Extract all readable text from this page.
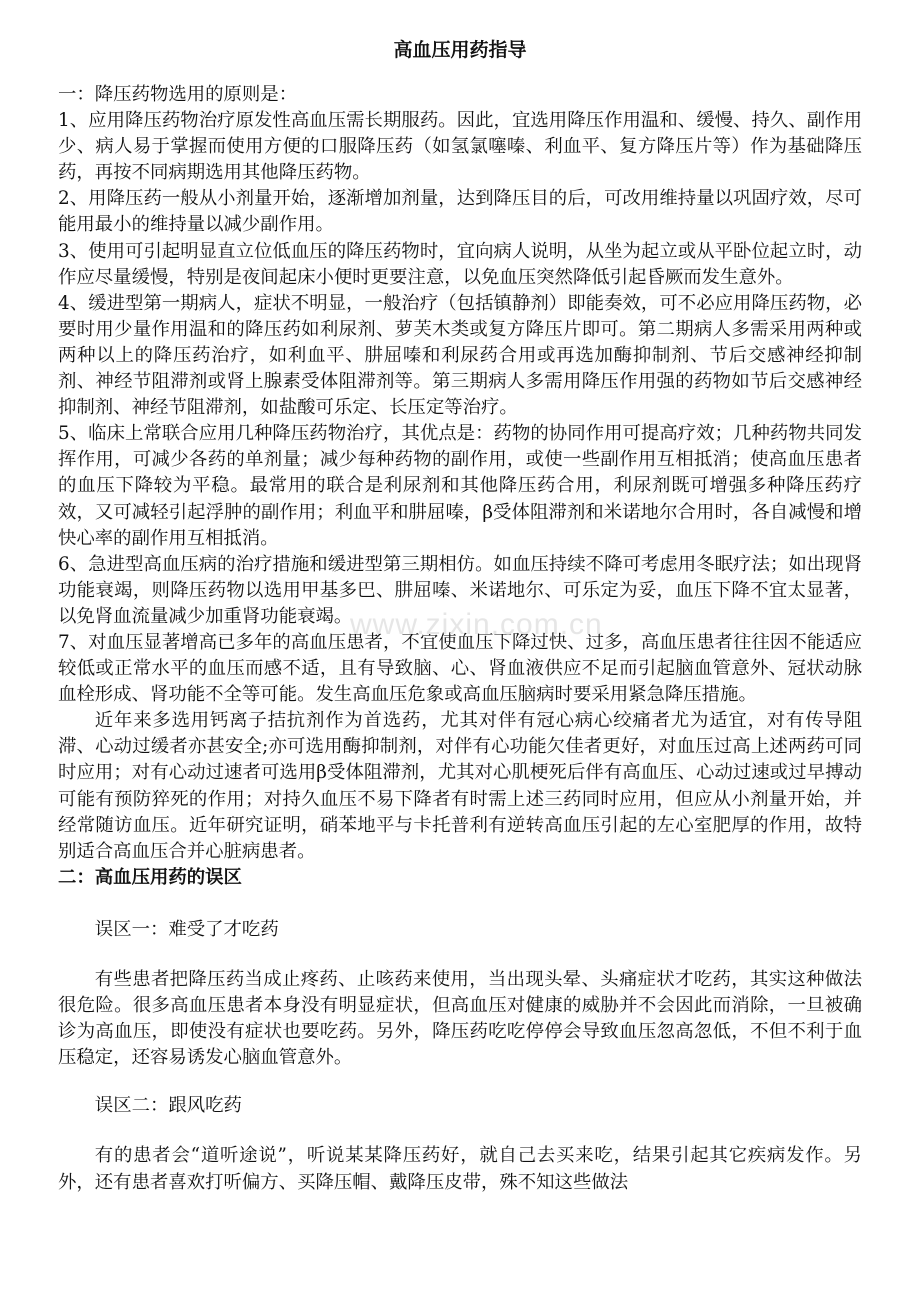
高血压用药指导

一：降压药物选用的原则是：

1、应用降压药物治疗原发性高血压需长期服药。因此，宜选用降压作用温和、缓慢、持久、副作用少、病人易于掌握而使用方便的口服降压药（如氢氯噻嗪、利血平、复方降压片等）作为基础降压药，再按不同病期选用其他降压药物。

2、用降压药一般从小剂量开始，逐渐增加剂量，达到降压目的后，可改用维持量以巩固疗效，尽可能用最小的维持量以减少副作用。

3、使用可引起明显直立位低血压的降压药物时，宜向病人说明，从坐为起立或从平卧位起立时，动作应尽量缓慢，特别是夜间起床小便时更要注意，以免血压突然降低引起昏厥而发生意外。

4、缓进型第一期病人，症状不明显，一般治疗（包括镇静剂）即能奏效，可不必应用降压药物，必要时用少量作用温和的降压药如利尿剂、萝芙木类或复方降压片即可。第二期病人多需采用两种或两种以上的降压药治疗，如利血平、肼屈嗪和利尿药合用或再选加酶抑制剂、节后交感神经抑制剂、神经节阻滞剂或肾上腺素受体阻滞剂等。第三期病人多需用降压作用强的药物如节后交感神经抑制剂、神经节阻滞剂，如盐酸可乐定、长压定等治疗。

5、临床上常联合应用几种降压药物治疗，其优点是：药物的协同作用可提高疗效；几种药物共同发挥作用，可减少各药的单剂量；减少每种药物的副作用，或使一些副作用互相抵消；使高血压患者的血压下降较为平稳。最常用的联合是利尿剂和其他降压药合用，利尿剂既可增强多种降压药疗效，又可减轻引起浮肿的副作用；利血平和肼屈嗪，β受体阻滞剂和米诺地尔合用时，各自减慢和增快心率的副作用互相抵消。

6、急进型高血压病的治疗措施和缓进型第三期相仿。如血压持续不降可考虑用冬眠疗法；如出现肾功能衰竭，则降压药物以选用甲基多巴、肼屈嗪、米诺地尔、可乐定为妥，血压下降不宜太显著，以免肾血流量减少加重肾功能衰竭。

7、对血压显著增高已多年的高血压患者，不宜使血压下降过快、过多，高血压患者往往因不能适应较低或正常水平的血压而感不适，且有导致脑、心、肾血液供应不足而引起脑血管意外、冠状动脉血栓形成、肾功能不全等可能。发生高血压危象或高血压脑病时要采用紧急降压措施。

近年来多选用钙离子拮抗剂作为首选药，尤其对伴有冠心病心绞痛者尤为适宜，对有传导阻滞、心动过缓者亦甚安全;亦可选用酶抑制剂，对伴有心功能欠佳者更好，对血压过高上述两药可同时应用；对有心动过速者可选用β受体阻滞剂，尤其对心肌梗死后伴有高血压、心动过速或过早搏动可能有预防猝死的作用；对持久血压不易下降者有时需上述三药同时应用，但应从小剂量开始，并经常随访血压。近年研究证明，硝苯地平与卡托普利有逆转高血压引起的左心室肥厚的作用，故特别适合高血压合并心脏病患者。

二：高血压用药的误区

误区一：难受了才吃药

有些患者把降压药当成止疼药、止咳药来使用，当出现头晕、头痛症状才吃药，其实这种做法很危险。很多高血压患者本身没有明显症状，但高血压对健康的威胁并不会因此而消除，一旦被确诊为高血压，即使没有症状也要吃药。另外，降压药吃吃停停会导致血压忽高忽低，不但不利于血压稳定，还容易诱发心脑血管意外。

误区二：跟风吃药

有的患者会“道听途说”，听说某某降压药好，就自己去买来吃，结果引起其它疾病发作。另外，还有患者喜欢打听偏方、买降压帽、戴降压皮带，殊不知这些做法

www.zixin.com.cn
